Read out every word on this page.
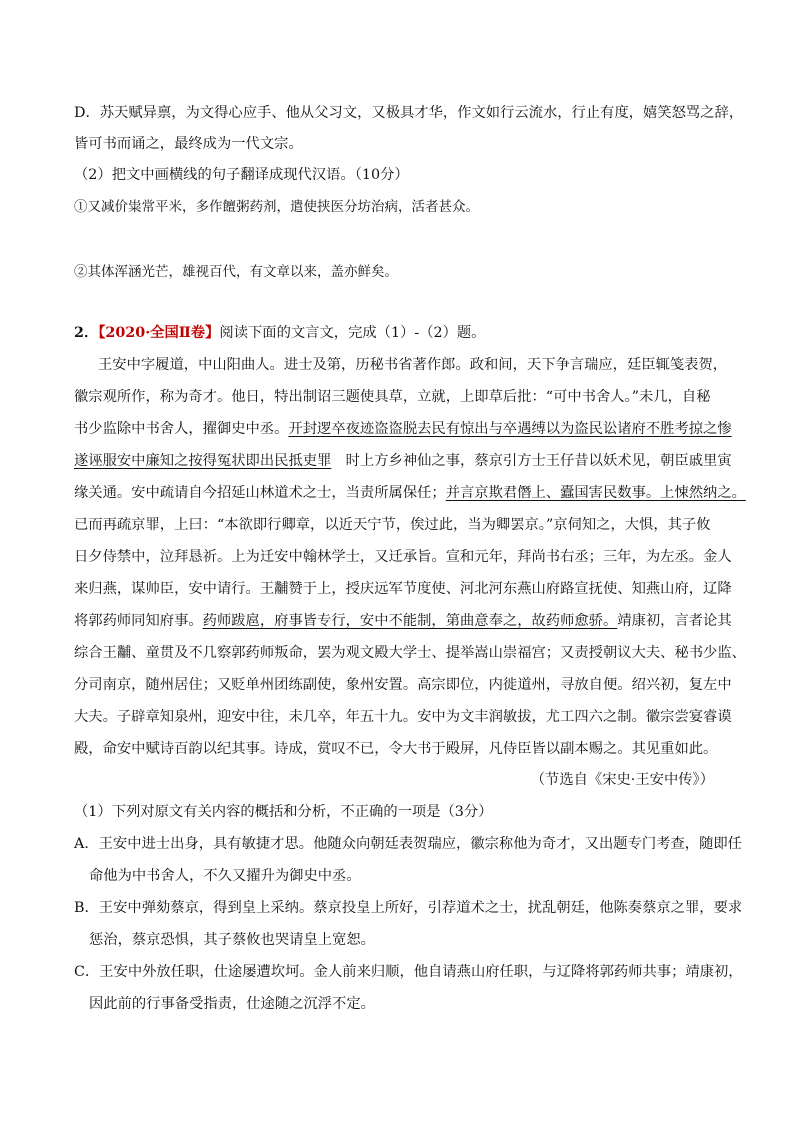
D．苏天赋异禀，为文得心应手、他从父习文，又极具才华，作文如行云流水，行止有度，嬉笑怒骂之辞，
皆可书而诵之，最终成为一代文宗。
（2）把文中画横线的句子翻译成现代汉语。（10分）
①又减价粜常平米，多作饘粥药剂，遣使挟医分坊治病，活者甚众。
②其体浑涵光芒，雄视百代，有文章以来，盖亦鲜矣。
2．【2020·全国Ⅱ卷】阅读下面的文言文，完成（1）-（2）题。
王安中字履道，中山阳曲人。进士及第，历秘书省著作郎。政和间，天下争言瑞应，廷臣辄笺表贺，
徽宗观所作，称为奇才。他日，特出制诏三题使具草，立就，上即草后批：“可中书舍人。”未几，自秘
书少监除中书舍人，擢御史中丞。开封逻卒夜迹盗盗脱去民有惊出与卒遇缚以为盗民讼诸府不胜考掠之惨
遂诬服安中廉知之按得冤状即出民抵吏罪　时上方乡神仙之事，蔡京引方士王仔昔以妖术见，朝臣戚里寅
缘关通。安中疏请自今招延山林道术之士，当责所属保任；并言京欺君僭上、蠹国害民数事。上悚然纳之。
已而再疏京罪，上曰：“本欲即行卿章，以近天宁节，俟过此，当为卿罢京。”京伺知之，大惧，其子攸
日夕侍禁中，泣拜恳祈。上为迁安中翰林学士，又迁承旨。宣和元年，拜尚书右丞；三年，为左丞。金人
来归燕，谋帅臣，安中请行。王黼赞于上，授庆远军节度使、河北河东燕山府路宣抚使、知燕山府，辽降
将郭药师同知府事。药师跋扈，府事皆专行，安中不能制，第曲意奉之，故药师愈骄。靖康初，言者论其
综合王黼、童贯及不几察郭药师叛命，罢为观文殿大学士、提举嵩山崇福宫；又责授朝议大夫、秘书少监、
分司南京，随州居住；又贬单州团练副使，象州安置。高宗即位，内徙道州，寻放自便。绍兴初，复左中
大夫。子辟章知泉州，迎安中往，未几卒，年五十九。安中为文丰润敏拔，尤工四六之制。徽宗尝宴睿谟
殿，命安中赋诗百韵以纪其事。诗成，赏叹不已，令大书于殿屏，凡侍臣皆以副本赐之。其见重如此。
（节选自《宋史·王安中传》）
（1）下列对原文有关内容的概括和分析，不正确的一项是（3分）
A．王安中进士出身，具有敏捷才思。他随众向朝廷表贺瑞应，徽宗称他为奇才，又出题专门考查，随即任
命他为中书舍人，不久又擢升为御史中丞。
B．王安中弹劾蔡京，得到皇上采纳。蔡京投皇上所好，引荐道术之士，扰乱朝廷，他陈奏蔡京之罪，要求
惩治，蔡京恐惧，其子蔡攸也哭请皇上宽恕。
C．王安中外放任职，仕途屡遭坎坷。金人前来归顺，他自请燕山府任职，与辽降将郭药师共事；靖康初，
因此前的行事备受指责，仕途随之沉浮不定。
